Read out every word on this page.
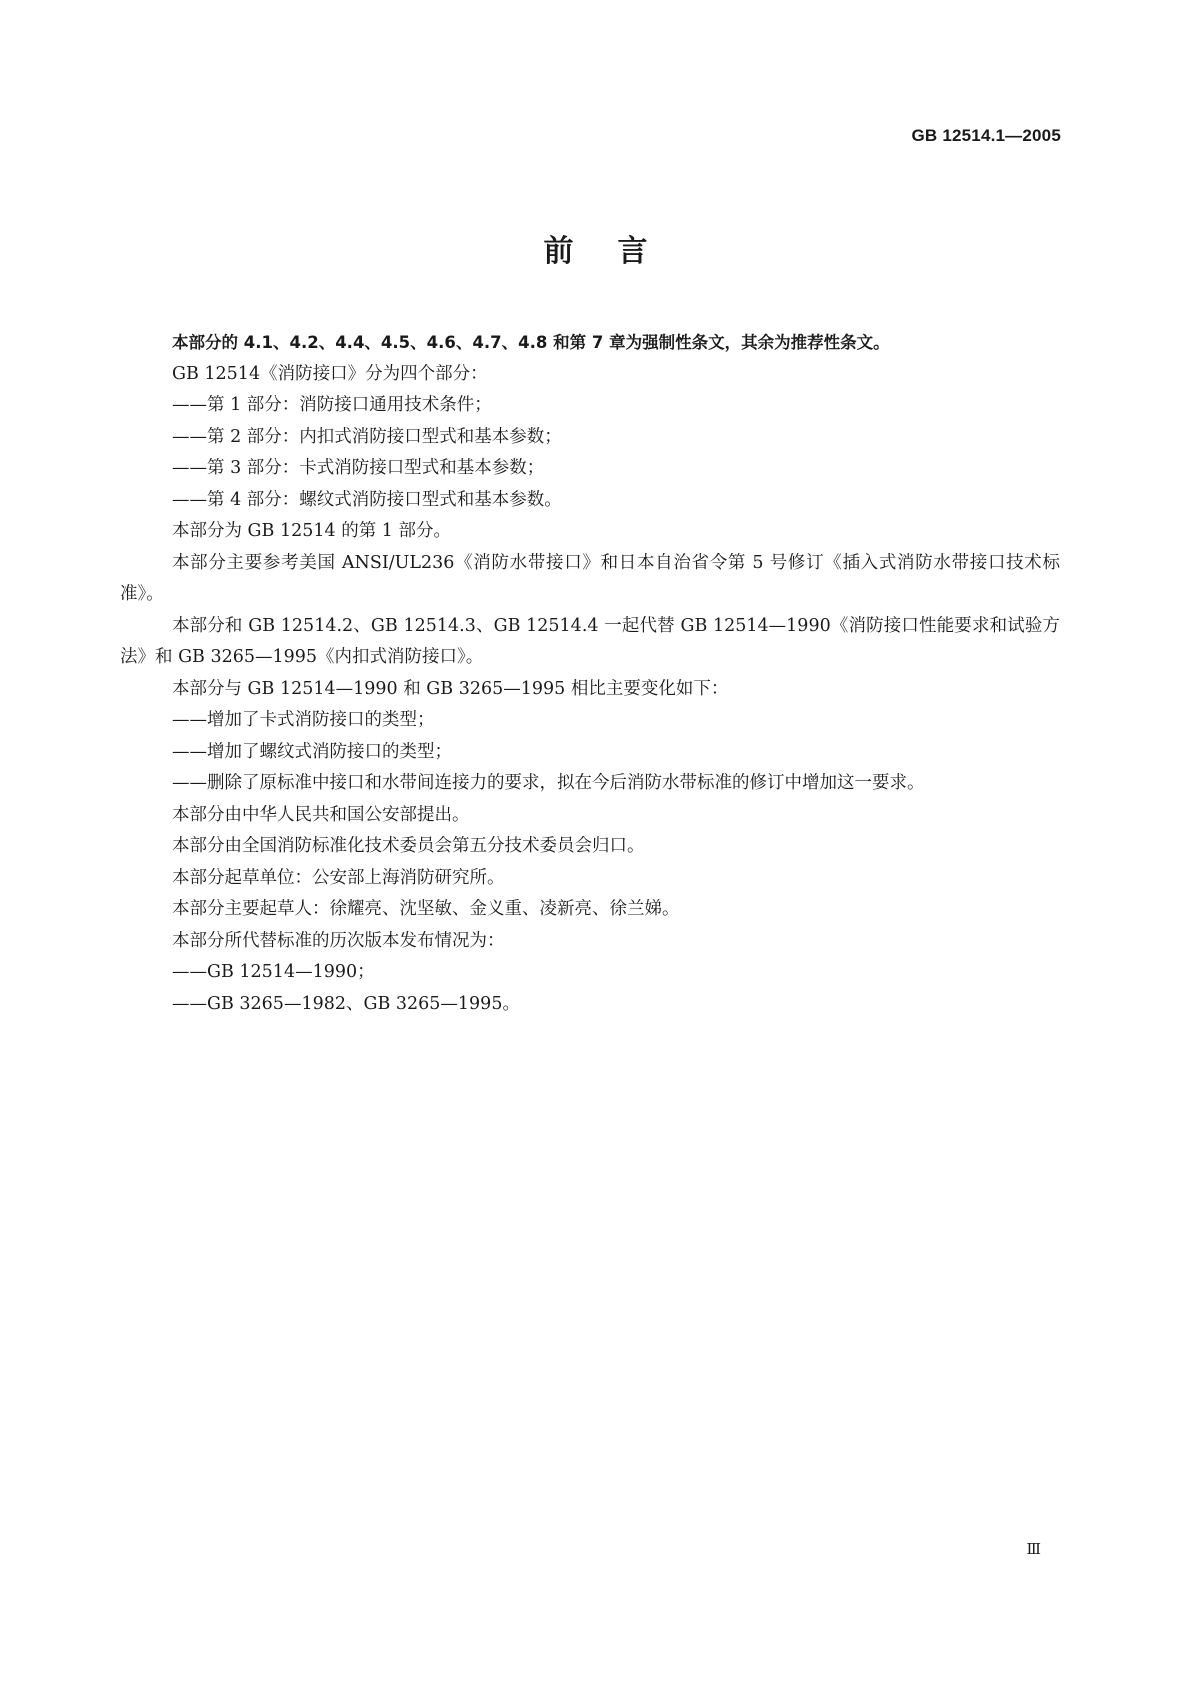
GB 12514.1—2005
前言

本部分的 4.1、4.2、4.4、4.5、4.6、4.7、4.8 和第 7 章为强制性条文，其余为推荐性条文。

GB 12514《消防接口》分为四个部分：

——第 1 部分：消防接口通用技术条件；

——第 2 部分：内扣式消防接口型式和基本参数；

——第 3 部分：卡式消防接口型式和基本参数；

——第 4 部分：螺纹式消防接口型式和基本参数。

本部分为 GB 12514 的第 1 部分。

本部分主要参考美国 ANSI/UL236《消防水带接口》和日本自治省令第 5 号修订《插入式消防水带接口技术标准》。

本部分和 GB 12514.2、GB 12514.3、GB 12514.4 一起代替 GB 12514—1990《消防接口性能要求和试验方法》和 GB 3265—1995《内扣式消防接口》。

本部分与 GB 12514—1990 和 GB 3265—1995 相比主要变化如下：

——增加了卡式消防接口的类型；

——增加了螺纹式消防接口的类型；

——删除了原标准中接口和水带间连接力的要求，拟在今后消防水带标准的修订中增加这一要求。

本部分由中华人民共和国公安部提出。

本部分由全国消防标准化技术委员会第五分技术委员会归口。

本部分起草单位：公安部上海消防研究所。

本部分主要起草人：徐耀亮、沈坚敏、金义重、凌新亮、徐兰娣。

本部分所代替标准的历次版本发布情况为：

——GB 12514—1990；

——GB 3265—1982、GB 3265—1995。

Ⅲ
